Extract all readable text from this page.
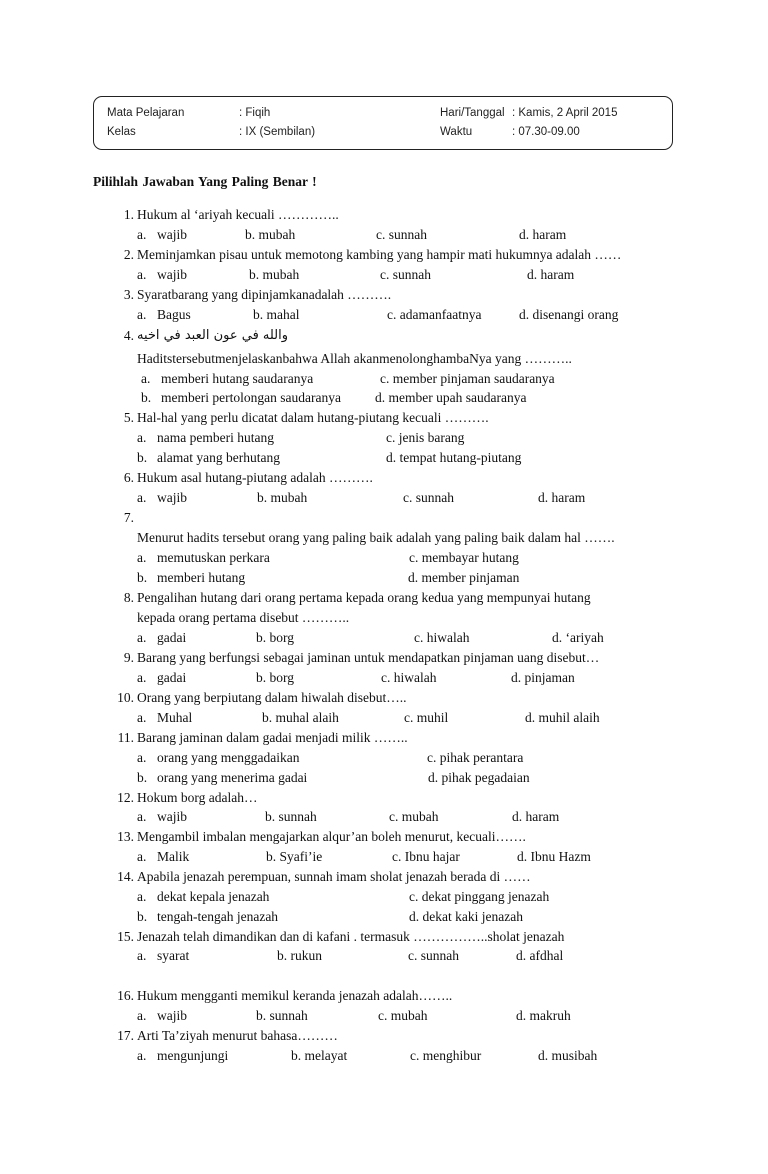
Mata Pelajaran	: Fiqih	Hari/Tanggal : Kamis, 2 April 2015
Kelas	: IX (Sembilan)	Waktu	: 07.30-09.00
Pilihlah Jawaban Yang Paling Benar !
1. Hukum al ‘ariyah kecuali …………..
a. wajib	b. mubah	c. sunnah	d. haram
2. Meminjamkan pisau untuk memotong kambing yang hampir mati hukumnya adalah ……
a. wajib	b. mubah	c. sunnah	d. haram
3. Syaratbarang yang dipinjamkanadalah ……….
a. Bagus	b. mahal	c. adamanfaatnya	d. disenangi orang
4. والله في عون العبد في اخيه
Haditstersebutmenjelaskanbahwa Allah akanmenolonghambaNya yang ………..
a. memberi hutang saudaranya	c. member pinjaman saudaranya
b. memberi pertolongan saudaranya	d. member upah saudaranya
5. Hal-hal yang perlu dicatat dalam hutang-piutang kecuali ……….
a. nama pemberi hutang	c. jenis barang
b. alamat yang berhutang	d. tempat hutang-piutang
6. Hukum asal hutang-piutang adalah ……….
a. wajib	b. mubah	c. sunnah	d. haram
7.
Menurut hadits tersebut orang yang paling baik adalah yang paling baik dalam hal …….
a. memutuskan perkara	c. membayar hutang
b. memberi hutang	d. member pinjaman
8. Pengalihan hutang dari orang pertama kepada orang kedua yang mempunyai hutang
kepada orang pertama disebut ………..
a. gadai	b. borg	c. hiwalah	d. ‘ariyah
9. Barang yang berfungsi sebagai jaminan untuk mendapatkan pinjaman uang disebut…
a. gadai	b. borg	c. hiwalah	d. pinjaman
10. Orang yang berpiutang dalam hiwalah disebut…..
a. Muhal	b. muhal alaih	c. muhil	d. muhil alaih
11. Barang jaminan dalam gadai menjadi milik ……..
a. orang yang menggadaikan	c. pihak perantara
b. orang yang menerima gadai	d. pihak pegadaian
12. Hokum borg adalah…
a. wajib	b. sunnah	c. mubah	d. haram
13. Mengambil imbalan mengajarkan alqur’an boleh menurut, kecuali…….
a. Malik	b. Syafi’ie	c. Ibnu hajar	d. Ibnu Hazm
14. Apabila jenazah perempuan, sunnah imam sholat jenazah berada di ……
a. dekat kepala jenazah	c. dekat pinggang jenazah
b. tengah-tengah jenazah	d. dekat kaki jenazah
15. Jenazah telah dimandikan dan di kafani . termasuk ……………..sholat jenazah
a. syarat	b. rukun	c. sunnah	d. afdhal
16. Hukum mengganti memikul keranda jenazah adalah……..
a. wajib	b. sunnah	c. mubah	d. makruh
17. Arti Ta’ziyah menurut bahasa………
a. mengunjungi	b. melayat	c. menghibur	d. musibah
